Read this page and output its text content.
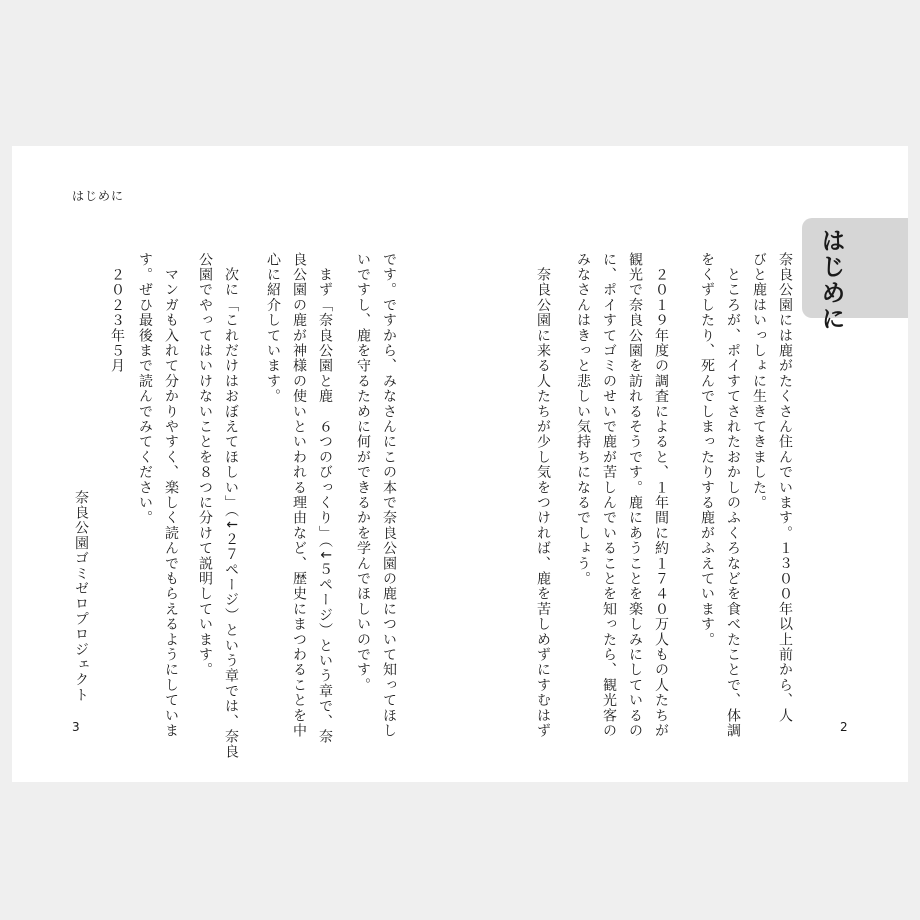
はじめに
3	2
はじめに
奈良公園には鹿がたくさん住んでいます。１３００年以上前から、人
びと鹿はいっしょに生きてきました。
　ところが、ポイすてされたおかしのふくろなどを食べたことで、体調
をくずしたり、死んでしまったりする鹿がふえています。
　２０１９年度の調査によると、１年間に約１７４０万人もの人たちが
観光で奈良公園を訪れるそうです。鹿にあうことを楽しみにしているの
に、ポイすてゴミのせいで鹿が苦しんでいることを知ったら、観光客の
みなさんはきっと悲しい気持ちになるでしょう。
　奈良公園に来る人たちが少し気をつければ、鹿を苦しめずにすむはず
です。ですから、みなさんにこの本で奈良公園の鹿について知ってほし
いですし、鹿を守るために何ができるかを学んでほしいのです。
　まず「奈良公園と鹿　６つのびっくり」（↓５ページ）という章で、奈
良公園の鹿が神様の使いといわれる理由など、歴史にまつわることを中
心に紹介しています。
　次に「これだけはおぼえてほしい」（↓２７ページ）という章では、奈良
公園でやってはいけないことを８つに分けて説明しています。
　マンガも入れて分かりやすく、楽しく読んでもらえるようにしていま
す。ぜひ最後まで読んでみてください。
　２０２３年５月
奈良公園ゴミゼロプロジェクト
